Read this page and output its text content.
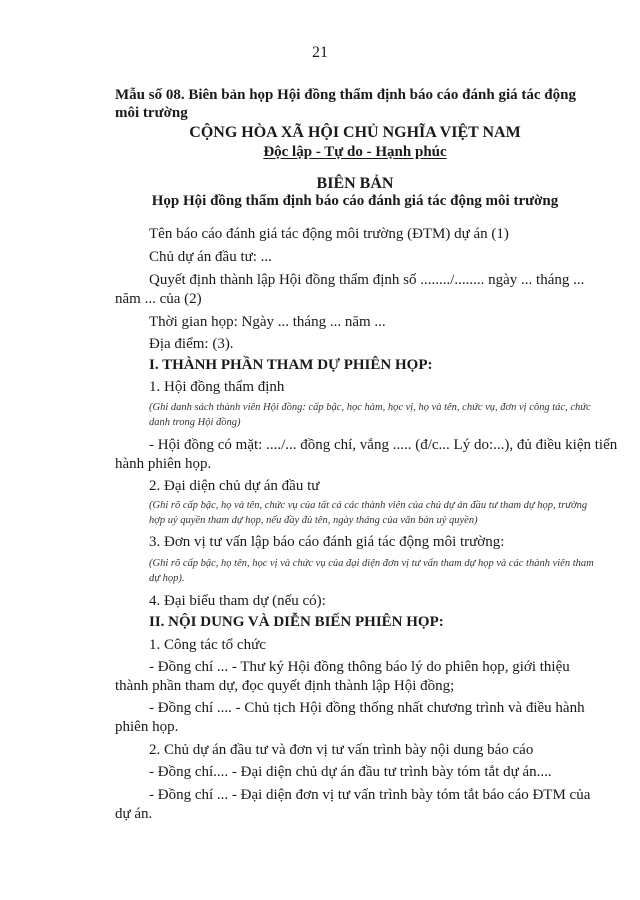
21
Mẫu số 08. Biên bản họp Hội đồng thẩm định báo cáo đánh giá tác động môi trường
CỘNG HÒA XÃ HỘI CHỦ NGHĨA VIỆT NAM
Độc lập - Tự do - Hạnh phúc
BIÊN BẢN
Họp Hội đồng thẩm định báo cáo đánh giá tác động môi trường
Tên báo cáo đánh giá tác động môi trường (ĐTM) dự án (1)
Chủ dự án đầu tư: ...
Quyết định thành lập Hội đồng thẩm định số ......../........ ngày ... tháng ...
năm ... của (2)
Thời gian họp: Ngày ... tháng ... năm ...
Địa điểm: (3).
I. THÀNH PHẦN THAM DỰ PHIÊN HỌP:
1. Hội đồng thẩm định
(Ghi danh sách thành viên Hội đồng: cấp bậc, học hàm, học vị, họ và tên, chức vụ, đơn vị công tác, chức danh trong Hội đồng)
- Hội đồng có mặt: ..../... đồng chí, vắng ..... (đ/c... Lý do:...), đủ điều kiện tiến
hành phiên họp.
2. Đại diện chủ dự án đầu tư
(Ghi rõ cấp bậc, họ và tên, chức vụ của tất cả các thành viên của chủ dự án đầu tư tham dự họp, trường hợp uỷ quyền tham dự họp, nếu đầy đủ tên, ngày tháng của văn bản uỷ quyền)
3. Đơn vị tư vấn lập báo cáo đánh giá tác động môi trường:
(Ghi rõ cấp bậc, họ tên, học vị và chức vụ của đại diện đơn vị tư vấn tham dự họp và các thành viên tham dự họp).
4. Đại biểu tham dự (nếu có):
II. NỘI DUNG VÀ DIỄN BIẾN PHIÊN HỌP:
1. Công tác tổ chức
- Đồng chí ... - Thư ký Hội đồng thông báo lý do phiên họp, giới thiệu
thành phần tham dự, đọc quyết định thành lập Hội đồng;
- Đồng chí .... - Chủ tịch Hội đồng thống nhất chương trình và điều hành
phiên họp.
2. Chủ dự án đầu tư và đơn vị tư vấn trình bày nội dung báo cáo
- Đồng chí.... - Đại diện chủ dự án đầu tư trình bày tóm tắt dự án....
- Đồng chí ... - Đại diện đơn vị tư vấn trình bày tóm tắt báo cáo ĐTM của
dự án.
